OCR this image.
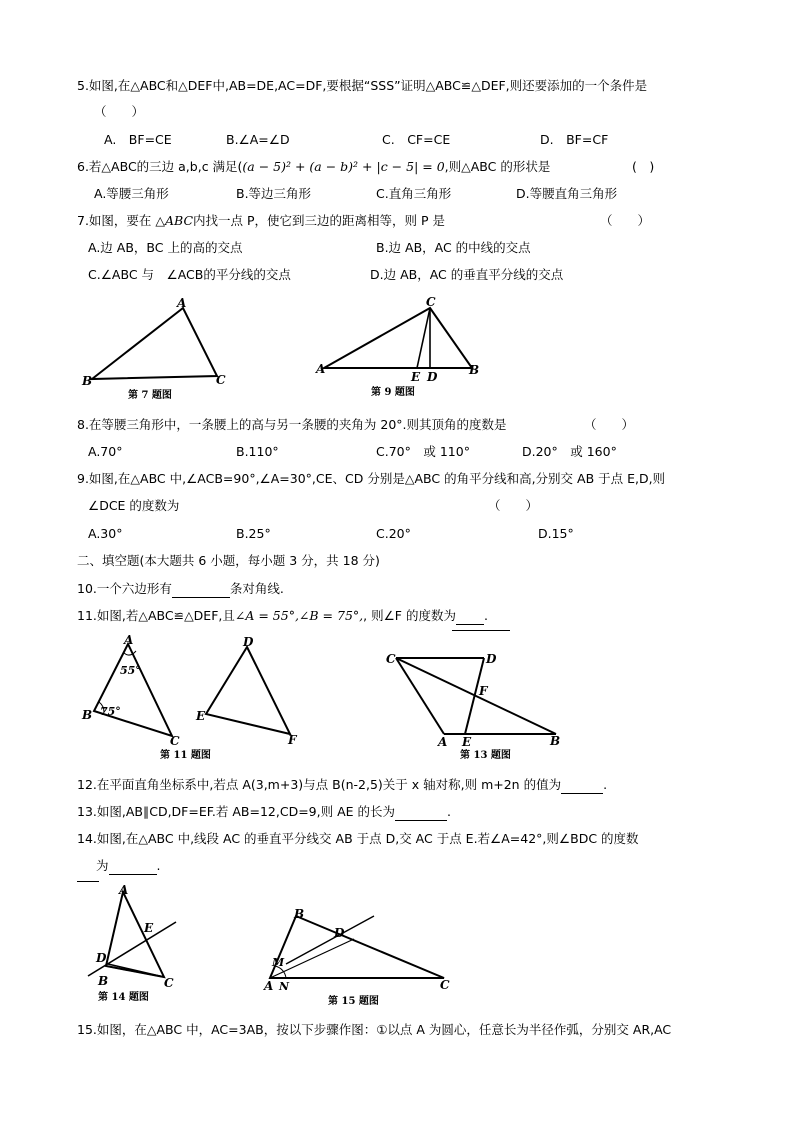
5.如图,在△ABC和△DEF中,AB=DE,AC=DF,要根据“SSS”证明△ABC≌△DEF,则还要添加的一个条件是
（　　）
A.　BF=CE	B.∠A=∠D	C.　CF=CE	D.　BF=CF
6.若△ABC的三边 a,b,c 满足((a − 5)² + (a − b)² + |c − 5| = 0,则△ABC 的形状是	(　)
A.等腰三角形	B.等边三角形	C.直角三角形	D.等腰直角三角形
7.如图，要在 △ABC内找一点 P，使它到三边的距离相等，则 P 是	（　　）
A.边 AB，BC 上的高的交点	B.边 AB，AC 的中线的交点
C.∠ABC 与　∠ACB的平分线的交点	D.边 AB，AC 的垂直平分线的交点
A
B	C
第 7 题图
C
A
E D	B
第 9 题图
8.在等腰三角形中，一条腰上的高与另一条腰的夹角为 20°.则其顶角的度数是	（　　）
A.70°	B.110°	C.70°　或 110°	D.20°　或 160°
9.如图,在△ABC 中,∠ACB=90°,∠A=30°,CE、CD 分别是△ABC 的角平分线和高,分别交 AB 于点 E,D,则
∠DCE 的度数为	（　　）
A.30°	B.25°	C.20°	D.15°
二、填空题(本大题共 6 小题，每小题 3 分，共 18 分)
10.一个六边形有	条对角线.
11.如图,若△ABC≌△DEF,且∠A = 55°,∠B = 75°,, 则∠F 的度数为 .
A
B
C
D
E
F
55°
75°
第 11 题图
C	D
F
A E	B
第 13 题图
12.在平面直角坐标系中,若点 A(3,m+3)与点 B(n-2,5)关于 x 轴对称,则 m+2n 的值为	.
13.如图,AB∥CD,DF=EF.若 AB=12,CD=9,则 AE 的长为	.
14.如图,在△ABC 中,线段 AC 的垂直平分线交 AB 于点 D,交 AC 于点 E.若∠A=42°,则∠BDC 的度数
为	.
A
E
D
B	C
第 14 题图
B
D
M
A N	C
第 15 题图
15.如图，在△ABC 中，AC=3AB，按以下步骤作图：①以点 A 为圆心，任意长为半径作弧，分别交 AR,AC
